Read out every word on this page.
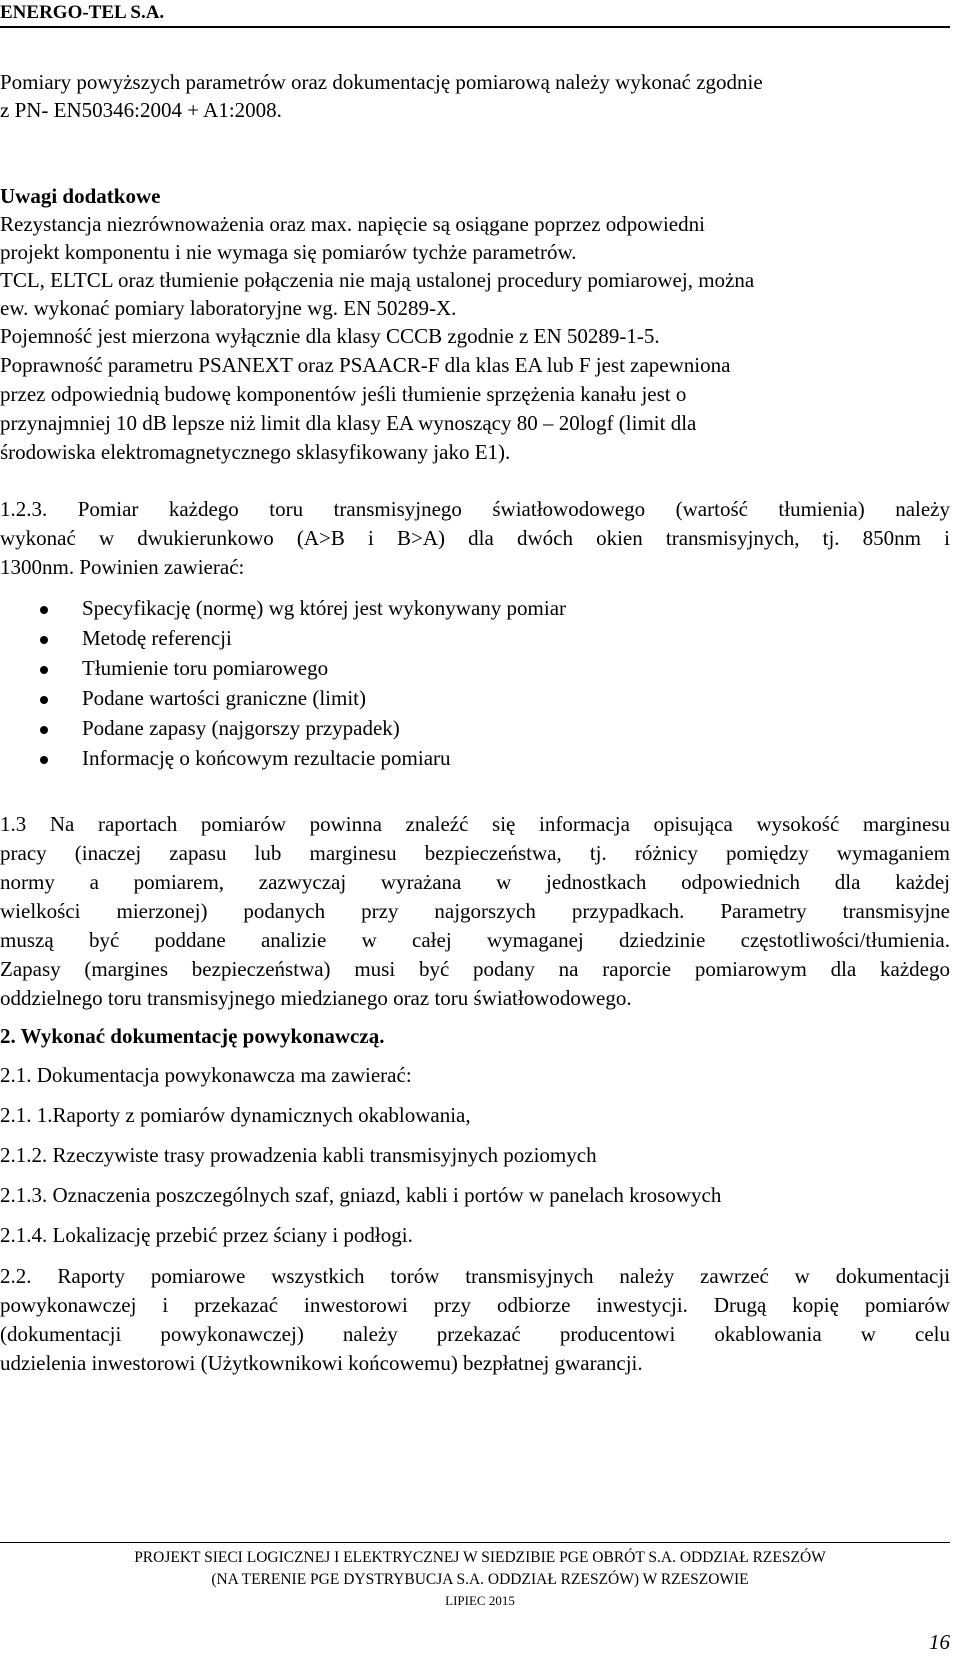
ENERGO-TEL S.A.
Pomiary powyższych parametrów oraz dokumentację pomiarową należy wykonać zgodnie
z PN- EN50346:2004 + A1:2008.
Uwagi dodatkowe
Rezystancja niezrównoważenia oraz max. napięcie są osiągane poprzez odpowiedni
projekt komponentu i nie wymaga się pomiarów tychże parametrów.
TCL, ELTCL oraz tłumienie połączenia nie mają ustalonej procedury pomiarowej, można
ew. wykonać pomiary laboratoryjne wg. EN 50289-X.
Pojemność jest mierzona wyłącznie dla klasy CCCB zgodnie z EN 50289-1-5.
Poprawność parametru PSANEXT oraz PSAACR-F dla klas EA lub F jest zapewniona
przez odpowiednią budowę komponentów jeśli tłumienie sprzężenia kanału jest o
przynajmniej 10 dB lepsze niż limit dla klasy EA wynoszący 80 – 20logf (limit dla
środowiska elektromagnetycznego sklasyfikowany jako E1).
1.2.3. Pomiar każdego toru transmisyjnego światłowodowego (wartość tłumienia) należy
wykonać w dwukierunkowo (A>B i B>A) dla dwóch okien transmisyjnych, tj. 850nm i
1300nm. Powinien zawierać:
Specyfikację (normę) wg której jest wykonywany pomiar
Metodę referencji
Tłumienie toru pomiarowego
Podane wartości graniczne (limit)
Podane zapasy (najgorszy przypadek)
Informację o końcowym rezultacie pomiaru
1.3 Na raportach pomiarów powinna znaleźć się informacja opisująca wysokość marginesu
pracy (inaczej zapasu lub marginesu bezpieczeństwa, tj. różnicy pomiędzy wymaganiem
normy a pomiarem, zazwyczaj wyrażana w jednostkach odpowiednich dla każdej
wielkości mierzonej) podanych przy najgorszych przypadkach. Parametry transmisyjne
muszą być poddane analizie w całej wymaganej dziedzinie częstotliwości/tłumienia.
Zapasy (margines bezpieczeństwa) musi być podany na raporcie pomiarowym dla każdego
oddzielnego toru transmisyjnego miedzianego oraz toru światłowodowego.
2. Wykonać dokumentację powykonawczą.
2.1. Dokumentacja powykonawcza ma zawierać:
2.1. 1.Raporty z pomiarów dynamicznych okablowania,
2.1.2. Rzeczywiste trasy prowadzenia kabli transmisyjnych poziomych
2.1.3. Oznaczenia poszczególnych szaf, gniazd, kabli i portów w panelach krosowych
2.1.4. Lokalizację przebić przez ściany i podłogi.
2.2. Raporty pomiarowe wszystkich torów transmisyjnych należy zawrzeć w dokumentacji
powykonawczej i przekazać inwestorowi przy odbiorze inwestycji. Drugą kopię pomiarów
(dokumentacji powykonawczej) należy przekazać producentowi okablowania w celu
udzielenia inwestorowi (Użytkownikowi końcowemu) bezpłatnej gwarancji.
PROJEKT SIECI LOGICZNEJ I ELEKTRYCZNEJ W SIEDZIBIE PGE OBRÓT S.A. ODDZIAŁ RZESZÓW
(NA TERENIE PGE DYSTRYBUCJA S.A. ODDZIAŁ RZESZÓW) W RZESZOWIE
LIPIEC 2015
16
